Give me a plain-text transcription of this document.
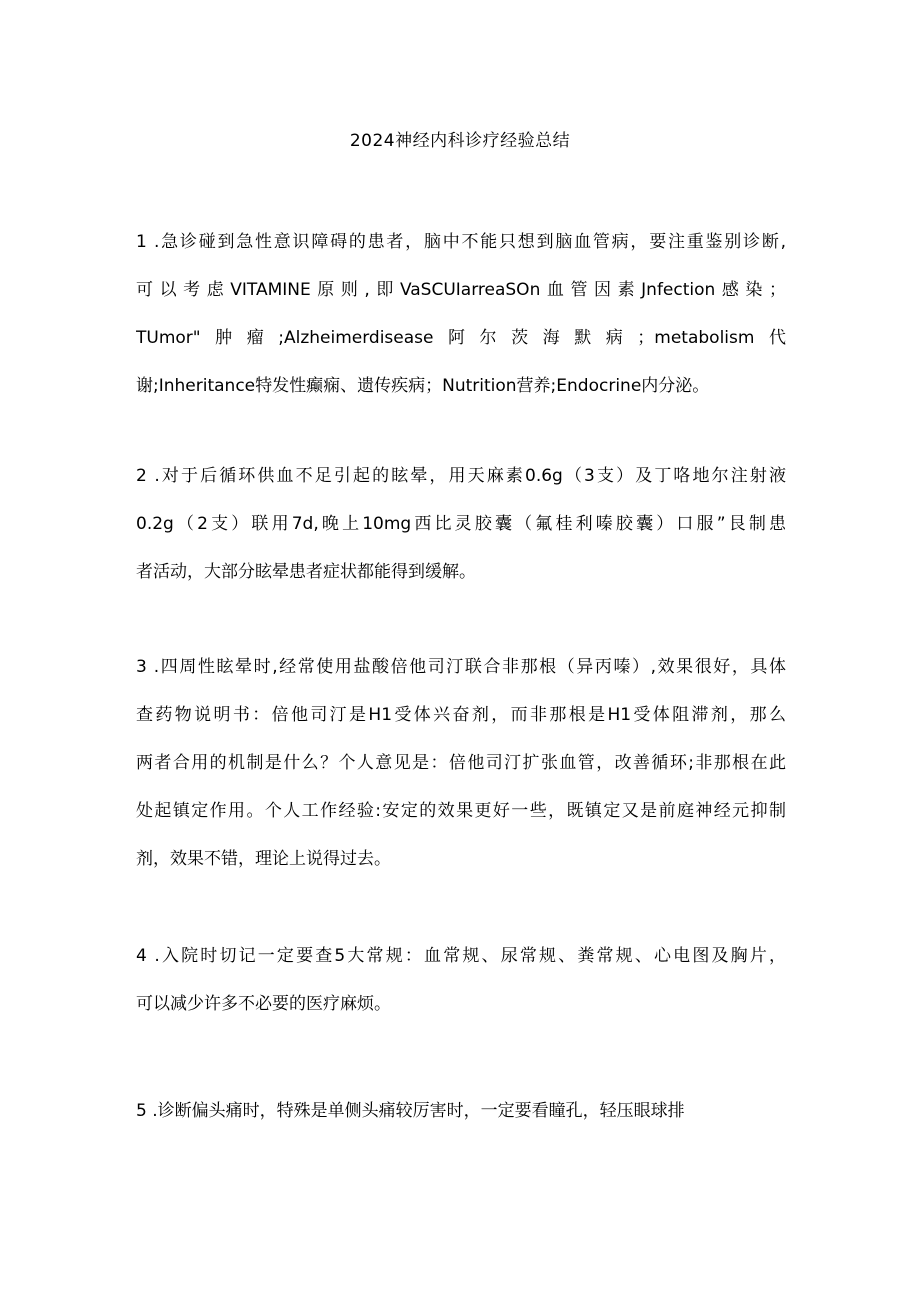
2024神经内科诊疗经验总结
1 .急诊碰到急性意识障碍的患者，脑中不能只想到脑血管病，要注重鉴别诊断,
可以考虑VITAMINE原则,即VaSCUIarreaSOn血管因素Jnfection感染；
TUmor"肿瘤;Alzheimerdisease阿尔茨海默病；metabolism代
谢;Inheritance特发性癫痫、遗传疾病；Nutrition营养;Endocrine内分泌。
2 .对于后循环供血不足引起的眩晕，用天麻素0.6g（3支）及丁咯地尔注射液
0.2g（2支）联用7d,晚上10mg西比灵胶囊（氟桂利嗪胶囊）口服”艮制患
者活动，大部分眩晕患者症状都能得到缓解。
3 .四周性眩晕时,经常使用盐酸倍他司汀联合非那根（异丙嗪）,效果很好，具体
查药物说明书：倍他司汀是H1受体兴奋剂，而非那根是H1受体阻滞剂，那么
两者合用的机制是什么？个人意见是：倍他司汀扩张血管，改善循环;非那根在此
处起镇定作用。个人工作经验:安定的效果更好一些，既镇定又是前庭神经元抑制
剂，效果不错，理论上说得过去。
4 .入院时切记一定要查5大常规：血常规、尿常规、粪常规、心电图及胸片，
可以减少许多不必要的医疗麻烦。
5 .诊断偏头痛时，特殊是单侧头痛较厉害时，一定要看瞳孔，轻压眼球排
